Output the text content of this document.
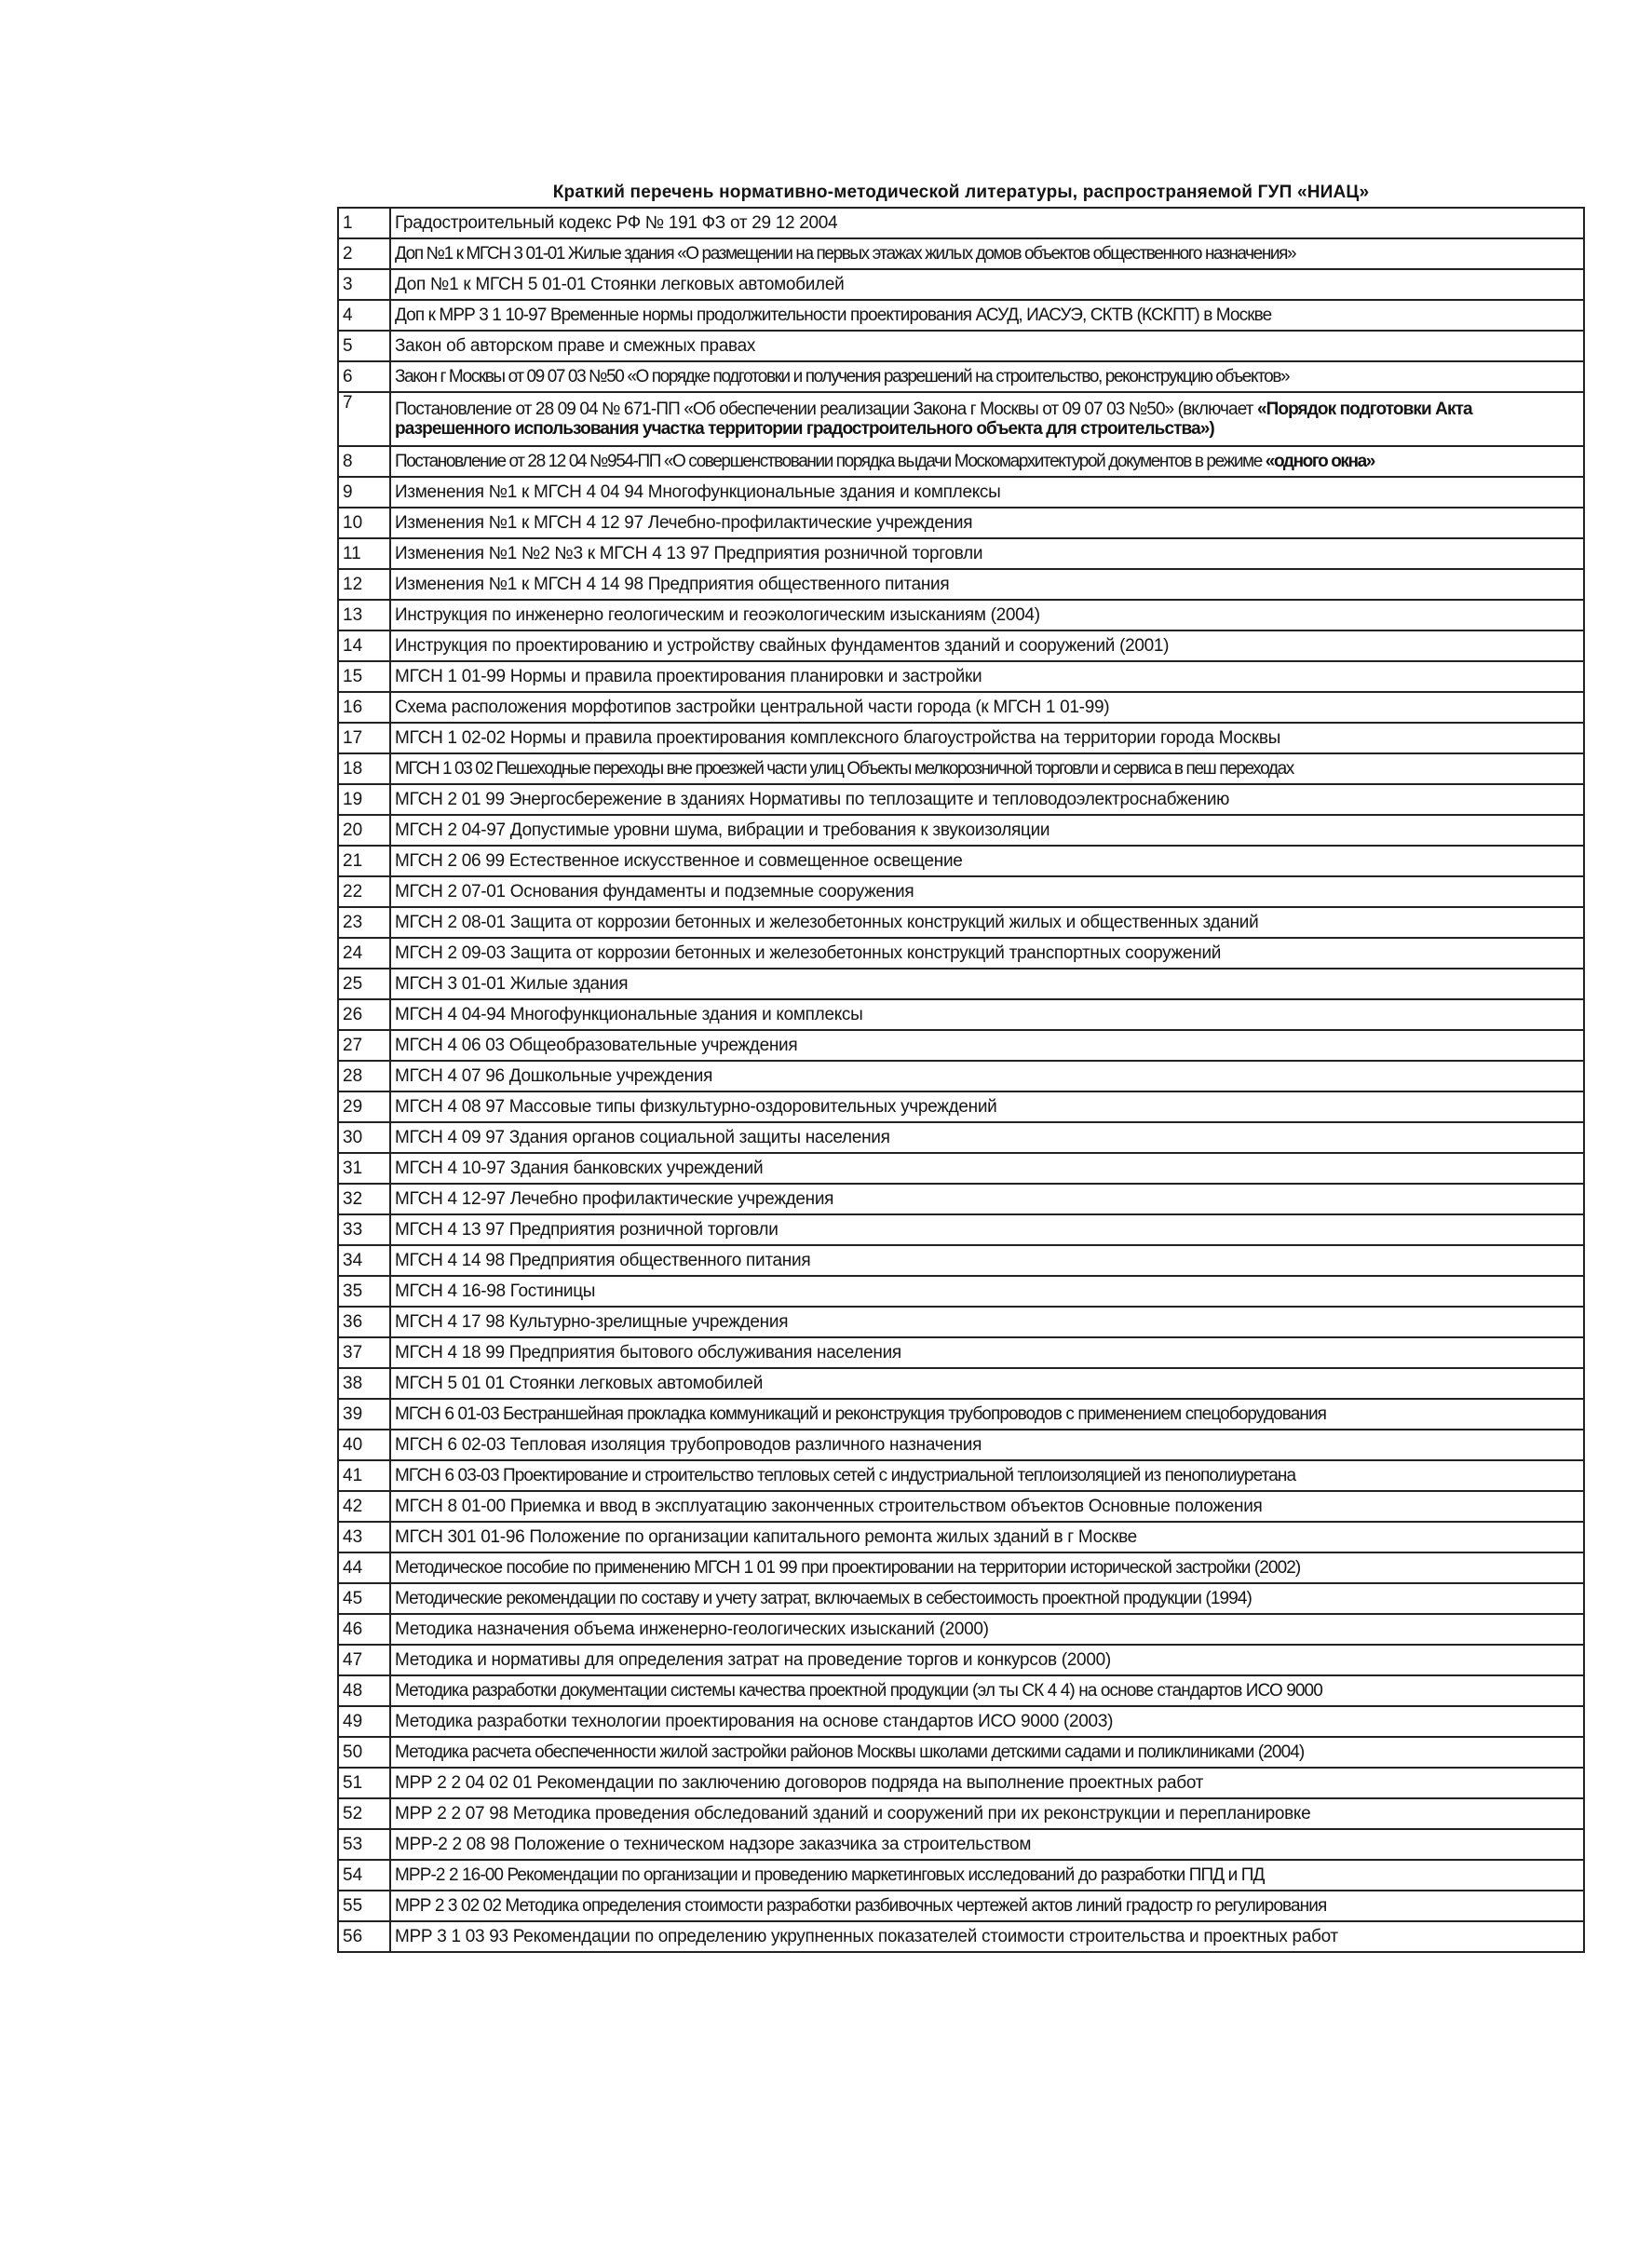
Краткий перечень нормативно-методической литературы, распространяемой ГУП «НИАЦ»
1	Градостроительный кодекс РФ № 191 ФЗ от 29 12 2004
2	Доп №1 к МГСН 3 01-01 Жилые здания «О размещении на первых этажах жилых домов объектов общественного назначения»
3	Доп №1 к МГСН 5 01-01 Стоянки легковых автомобилей
4	Доп к МРР 3 1 10-97 Временные нормы продолжительности проектирования АСУД, ИАСУЭ, СКТВ (КСКПТ) в Москве
5	Закон об авторском праве и смежных правах
6	Закон г Москвы от 09 07 03 №50 «О порядке подготовки и получения разрешений на строительство, реконструкцию объектов»
7	Постановление от 28 09 04 № 671-ПП «Об обеспечении реализации Закона г Москвы от 09 07 03 №50» (включает «Порядок подготовки Акта разрешенного использования участка территории градостроительного объекта для строительства»)
8	Постановление от 28 12 04 №954-ПП «О совершенствовании порядка выдачи Москомархитектурой документов в режиме «одного окна»
9	Изменения №1 к МГСН 4 04 94 Многофункциональные здания и комплексы
10	Изменения №1 к МГСН 4 12 97 Лечебно-профилактические учреждения
11	Изменения №1 №2 №3 к МГСН 4 13 97 Предприятия розничной торговли
12	Изменения №1 к МГСН 4 14 98 Предприятия общественного питания
13	Инструкция по инженерно геологическим и геоэкологическим изысканиям (2004)
14	Инструкция по проектированию и устройству свайных фундаментов зданий и сооружений (2001)
15	МГСН 1 01-99 Нормы и правила проектирования планировки и застройки
16	Схема расположения морфотипов застройки центральной части города (к МГСН 1 01-99)
17	МГСН 1 02-02 Нормы и правила проектирования комплексного благоустройства на территории города Москвы
18	МГСН 1 03 02 Пешеходные переходы вне проезжей части улиц Объекты мелкорозничной торговли и сервиса в пеш переходах
19	МГСН 2 01 99 Энергосбережение в зданиях Нормативы по теплозащите и тепловодоэлектроснабжению
20	МГСН 2 04-97 Допустимые уровни шума, вибрации и требования к звукоизоляции
21	МГСН 2 06 99 Естественное искусственное и совмещенное освещение
22	МГСН 2 07-01 Основания фундаменты и подземные сооружения
23	МГСН 2 08-01 Защита от коррозии бетонных и железобетонных конструкций жилых и общественных зданий
24	МГСН 2 09-03 Защита от коррозии бетонных и железобетонных конструкций транспортных сооружений
25	МГСН 3 01-01 Жилые здания
26	МГСН 4 04-94 Многофункциональные здания и комплексы
27	МГСН 4 06 03 Общеобразовательные учреждения
28	МГСН 4 07 96 Дошкольные учреждения
29	МГСН 4 08 97 Массовые типы физкультурно-оздоровительных учреждений
30	МГСН 4 09 97 Здания органов социальной защиты населения
31	МГСН 4 10-97 Здания банковских учреждений
32	МГСН 4 12-97 Лечебно профилактические учреждения
33	МГСН 4 13 97 Предприятия розничной торговли
34	МГСН 4 14 98 Предприятия общественного питания
35	МГСН 4 16-98 Гостиницы
36	МГСН 4 17 98 Культурно-зрелищные учреждения
37	МГСН 4 18 99 Предприятия бытового обслуживания населения
38	МГСН 5 01 01 Стоянки легковых автомобилей
39	МГСН 6 01-03 Бестраншейная прокладка коммуникаций и реконструкция трубопроводов с применением спецоборудования
40	МГСН 6 02-03 Тепловая изоляция трубопроводов различного назначения
41	МГСН 6 03-03 Проектирование и строительство тепловых сетей с индустриальной теплоизоляцией из пенополиуретана
42	МГСН 8 01-00 Приемка и ввод в эксплуатацию законченных строительством объектов Основные положения
43	МГСН 301 01-96 Положение по организации капитального ремонта жилых зданий в г Москве
44	Методическое пособие по применению МГСН 1 01 99 при проектировании на территории исторической застройки (2002)
45	Методические рекомендации по составу и учету затрат, включаемых в себестоимость проектной продукции (1994)
46	Методика назначения объема инженерно-геологических изысканий (2000)
47	Методика и нормативы для определения затрат на проведение торгов и конкурсов (2000)
48	Методика разработки документации системы качества проектной продукции (эл ты СК 4 4) на основе стандартов ИСО 9000
49	Методика разработки технологии проектирования на основе стандартов ИСО 9000 (2003)
50	Методика расчета обеспеченности жилой застройки районов Москвы школами детскими садами и поликлиниками (2004)
51	МРР 2 2 04 02 01 Рекомендации по заключению договоров подряда на выполнение проектных работ
52	МРР 2 2 07 98 Методика проведения обследований зданий и сооружений при их реконструкции и перепланировке
53	МРР-2 2 08 98 Положение о техническом надзоре заказчика за строительством
54	МРР-2 2 16-00 Рекомендации по организации и проведению маркетинговых исследований до разработки ППД и ПД
55	МРР 2 3 02 02 Методика определения стоимости разработки разбивочных чертежей актов линий градостр го регулирования
56	МРР 3 1 03 93 Рекомендации по определению укрупненных показателей стоимости строительства и проектных работ
